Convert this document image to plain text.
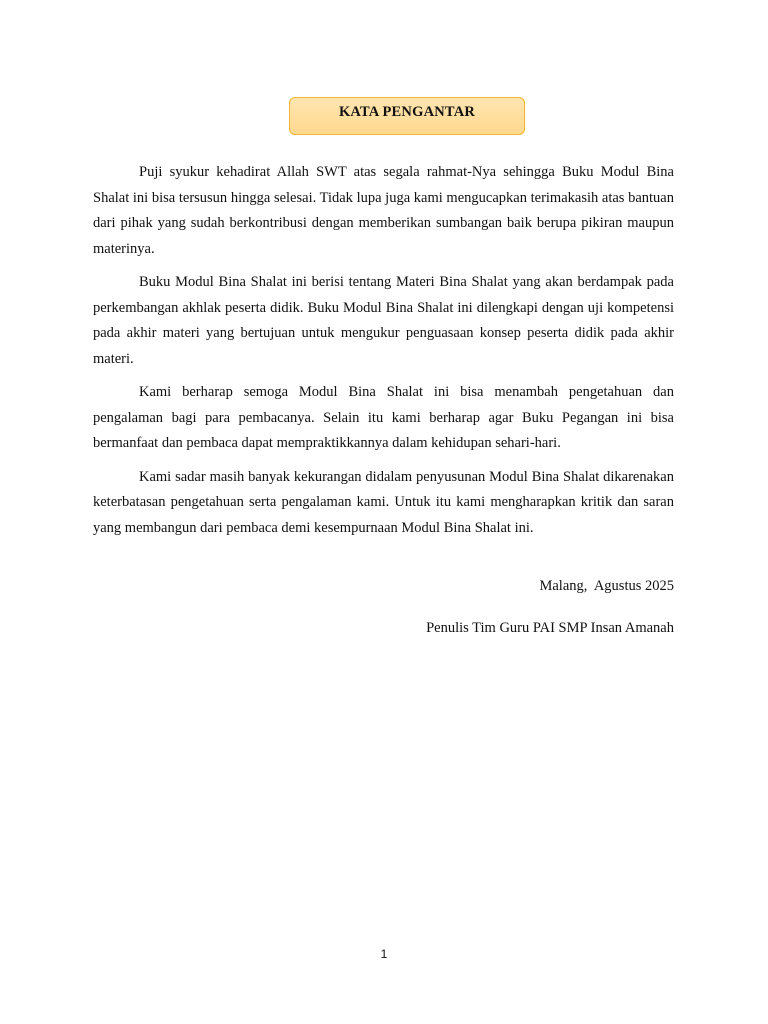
KATA PENGANTAR

Puji syukur kehadirat Allah SWT atas segala rahmat-Nya sehingga Buku Modul Bina Shalat ini bisa tersusun hingga selesai. Tidak lupa juga kami mengucapkan terimakasih atas bantuan dari pihak yang sudah berkontribusi dengan memberikan sumbangan baik berupa pikiran maupun materinya.

Buku Modul Bina Shalat ini berisi tentang Materi Bina Shalat yang akan berdampak pada perkembangan akhlak peserta didik. Buku Modul Bina Shalat ini dilengkapi dengan uji kompetensi pada akhir materi yang bertujuan untuk mengukur penguasaan konsep peserta didik pada akhir materi.

Kami berharap semoga Modul Bina Shalat ini bisa menambah pengetahuan dan pengalaman bagi para pembacanya. Selain itu kami berharap agar Buku Pegangan ini bisa bermanfaat dan pembaca dapat mempraktikkannya dalam kehidupan sehari-hari.

Kami sadar masih banyak kekurangan didalam penyusunan Modul Bina Shalat dikarenakan keterbatasan pengetahuan serta pengalaman kami. Untuk itu kami mengharapkan kritik dan saran yang membangun dari pembaca demi kesempurnaan Modul Bina Shalat ini.

Malang,  Agustus 2025
Penulis Tim Guru PAI SMP Insan Amanah
1
